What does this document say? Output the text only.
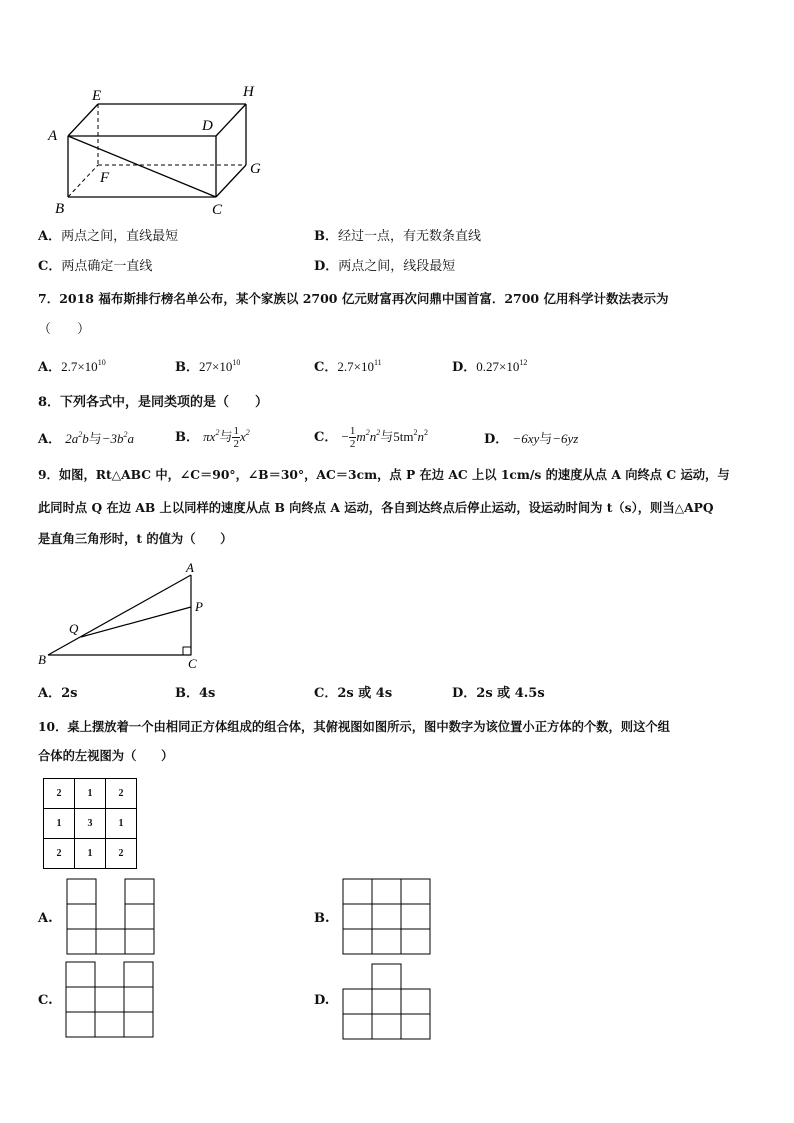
E	H
A
D
G
F
B	C
A．两点之间，直线最短	B．经过一点，有无数条直线
C．两点确定一直线	D．两点之间，线段最短
7．2018 福布斯排行榜名单公布，某个家族以 2700 亿元财富再次问鼎中国首富．2700 亿用科学计数法表示为
（　　）
A．$2.7\times 10^{10}$	B．$27\times 10^{10}$	C．$2.7\times 10^{11}$	D．$0.27\times 10^{12}$
8．下列各式中，是同类项的是（　　）
A． $2a^2b$与$-3b^2a$	B． $\pi x^2$与 $\frac{1}{2} x^2$	C． − $\frac{1}{2} m^2n^2$与$5tm^2n^2$	D． −6xy与−6yz
9．如图，Rt△ABC 中，∠C＝90°，∠B＝30°，AC＝3cm，点 P 在边 AC 上以 1cm/s 的速度从点 A 向终点 C 运动，与
此同时点 Q 在边 AB 上以同样的速度从点 B 向终点 A 运动，各自到达终点后停止运动，设运动时间为 t（s），则当△APQ
是直角三角形时，t 的值为（　　）
A
P
Q
B	C
A．2s	B．4s	C．2s 或 4s	D．2s 或 4.5s
10．桌上摆放着一个由相同正方体组成的组合体，其俯视图如图所示，图中数字为该位置小正方体的个数，则这个组
合体的左视图为（　　）
2	1	2
1	3	1
2	1	2
A.	B.
C.	D.
